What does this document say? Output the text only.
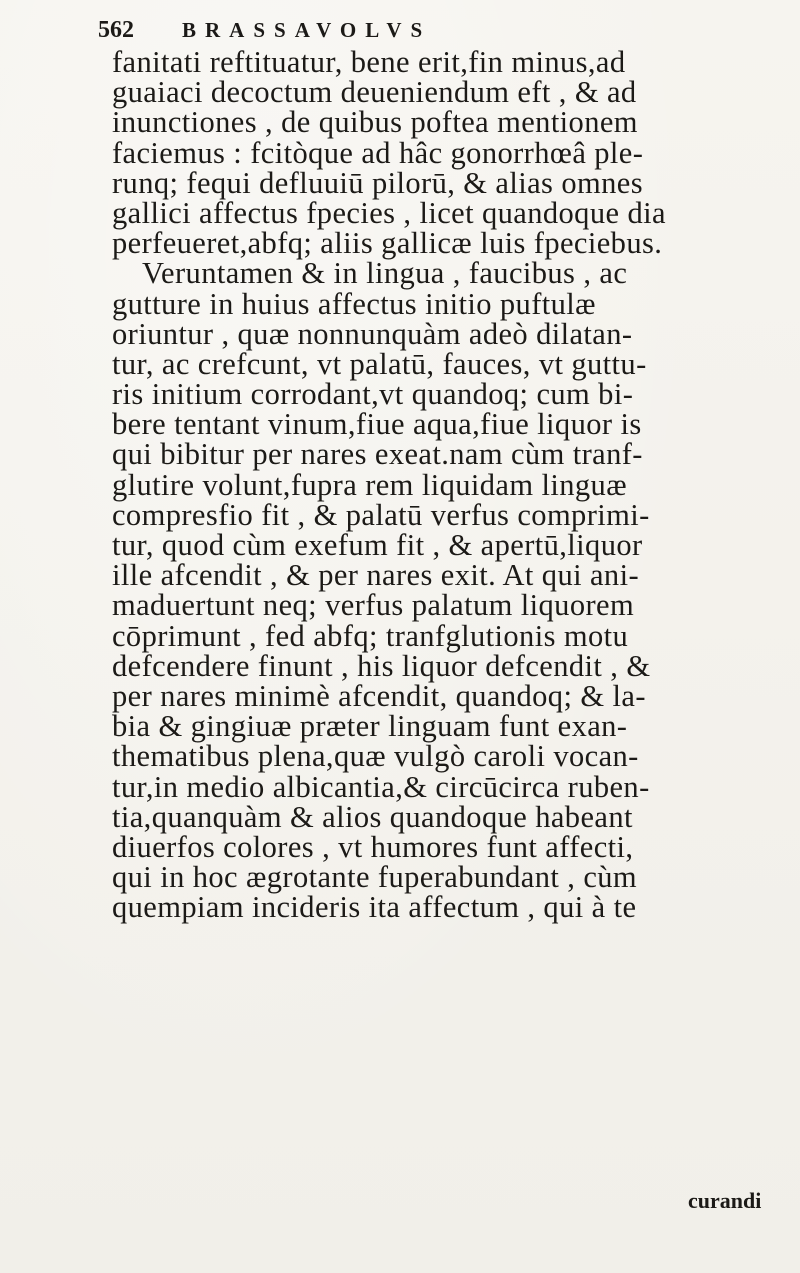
562 BRASSAVOLVS
fanitati reftituatur, bene erit,fin minus,ad
guaiaci decoctum deueniendum eft , & ad
inunctiones , de quibus poftea mentionem
faciemus : fcitòque ad hâc gonorrhœâ ple-
runq; fequi defluuiū pilorū, & alias omnes
gallici affectus fpecies , licet quandoque dia
perfeueret,abfq; aliis gallicæ luis fpeciebus.
Veruntamen & in lingua , faucibus , ac
gutture in huius affectus initio puftulæ
oriuntur , quæ nonnunquàm adeò dilatan-
tur, ac crefcunt, vt palatū, fauces, vt guttu-
ris initium corrodant,vt quandoq; cum bi-
bere tentant vinum,fiue aqua,fiue liquor is
qui bibitur per nares exeat.nam cùm tranf-
glutire volunt,fupra rem liquidam linguæ
compresfio fit , & palatū verfus comprimi-
tur, quod cùm exefum fit , & apertū,liquor
ille afcendit , & per nares exit. At qui ani-
maduertunt neq; verfus palatum liquorem
cōprimunt , fed abfq; tranfglutionis motu
defcendere finunt , his liquor defcendit , &
per nares minimè afcendit, quandoq; & la-
bia & gingiuæ præter linguam funt exan-
thematibus plena,quæ vulgò caroli vocan-
tur,in medio albicantia,& circūcirca ruben-
tia,quanquàm & alios quandoque habeant
diuerfos colores , vt humores funt affecti,
qui in hoc ægrotante fuperabundant , cùm
quempiam incideris ita affectum , qui à te
curandi
